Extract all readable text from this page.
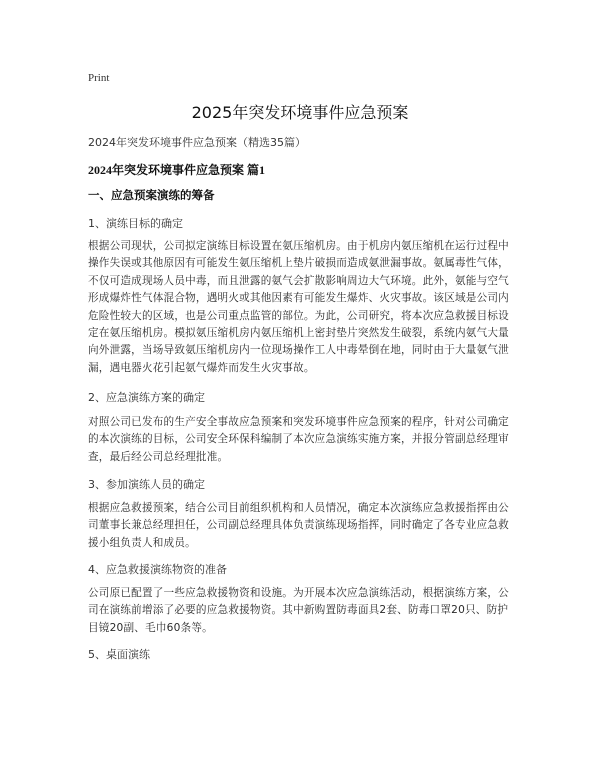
Print
2025年突发环境事件应急预案
2024年突发环境事件应急预案（精选35篇）
2024年突发环境事件应急预案 篇1
一、应急预案演练的筹备
1、演练目标的确定

根据公司现状，公司拟定演练目标设置在氨压缩机房。由于机房内氨压缩机在运行过程中操作失误或其他原因有可能发生氨压缩机上垫片破损而造成氨泄漏事故。氨属毒性气体，不仅可造成现场人员中毒，而且泄露的氨气会扩散影响周边大气环境。此外，氨能与空气形成爆炸性气体混合物，遇明火或其他因素有可能发生爆炸、火灾事故。该区域是公司内危险性较大的区域，也是公司重点监管的部位。为此，公司研究，将本次应急救援目标设定在氨压缩机房。模拟氨压缩机房内氨压缩机上密封垫片突然发生破裂，系统内氨气大量向外泄露，当场导致氨压缩机房内一位现场操作工人中毒晕倒在地，同时由于大量氨气泄漏，遇电器火花引起氨气爆炸而发生火灾事故。

2、应急演练方案的确定

对照公司已发布的生产安全事故应急预案和突发环境事件应急预案的程序，针对公司确定的本次演练的目标，公司安全环保科编制了本次应急演练实施方案，并报分管副总经理审查，最后经公司总经理批准。

3、参加演练人员的确定

根据应急救援预案，结合公司目前组织机构和人员情况，确定本次演练应急救援指挥由公司董事长兼总经理担任，公司副总经理具体负责演练现场指挥，同时确定了各专业应急救援小组负责人和成员。

4、应急救援演练物资的准备

公司原已配置了一些应急救援物资和设施。为开展本次应急演练活动，根据演练方案，公司在演练前增添了必要的应急救援物资。其中新购置防毒面具2套、防毒口罩20只、防护目镜20副、毛巾60条等。

5、桌面演练
